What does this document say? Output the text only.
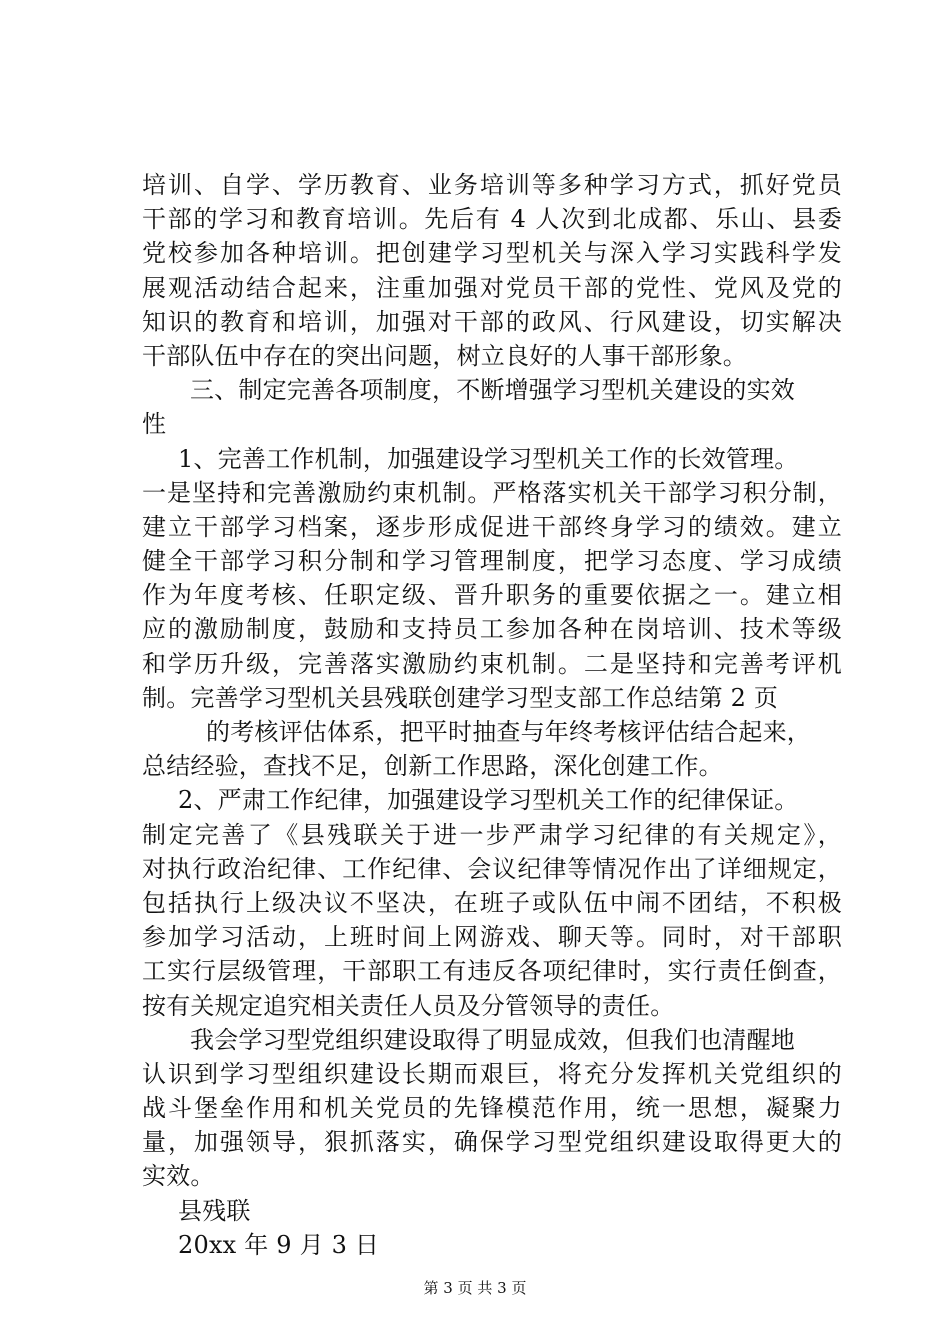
培训、自学、学历教育、业务培训等多种学习方式，抓好党员
干部的学习和教育培训。先后有 4 人次到北成都、乐山、县委
党校参加各种培训。把创建学习型机关与深入学习实践科学发
展观活动结合起来，注重加强对党员干部的党性、党风及党的
知识的教育和培训，加强对干部的政风、行风建设，切实解决
干部队伍中存在的突出问题，树立良好的人事干部形象。
三、制定完善各项制度，不断增强学习型机关建设的实效
性
1、完善工作机制，加强建设学习型机关工作的长效管理。
一是坚持和完善激励约束机制。严格落实机关干部学习积分制，
建立干部学习档案，逐步形成促进干部终身学习的绩效。建立
健全干部学习积分制和学习管理制度，把学习态度、学习成绩
作为年度考核、任职定级、晋升职务的重要依据之一。建立相
应的激励制度，鼓励和支持员工参加各种在岗培训、技术等级
和学历升级，完善落实激励约束机制。二是坚持和完善考评机
制。完善学习型机关县残联创建学习型支部工作总结第 2 页
的考核评估体系，把平时抽查与年终考核评估结合起来，
总结经验，查找不足，创新工作思路，深化创建工作。
2、严肃工作纪律，加强建设学习型机关工作的纪律保证。
制定完善了《县残联关于进一步严肃学习纪律的有关规定》，
对执行政治纪律、工作纪律、会议纪律等情况作出了详细规定，
包括执行上级决议不坚决，在班子或队伍中闹不团结，不积极
参加学习活动，上班时间上网游戏、聊天等。同时，对干部职
工实行层级管理，干部职工有违反各项纪律时，实行责任倒查，
按有关规定追究相关责任人员及分管领导的责任。
我会学习型党组织建设取得了明显成效，但我们也清醒地
认识到学习型组织建设长期而艰巨，将充分发挥机关党组织的
战斗堡垒作用和机关党员的先锋模范作用，统一思想，凝聚力
量，加强领导，狠抓落实，确保学习型党组织建设取得更大的
实效。
县残联
20xx 年 9 月 3 日
第 3 页 共 3 页
